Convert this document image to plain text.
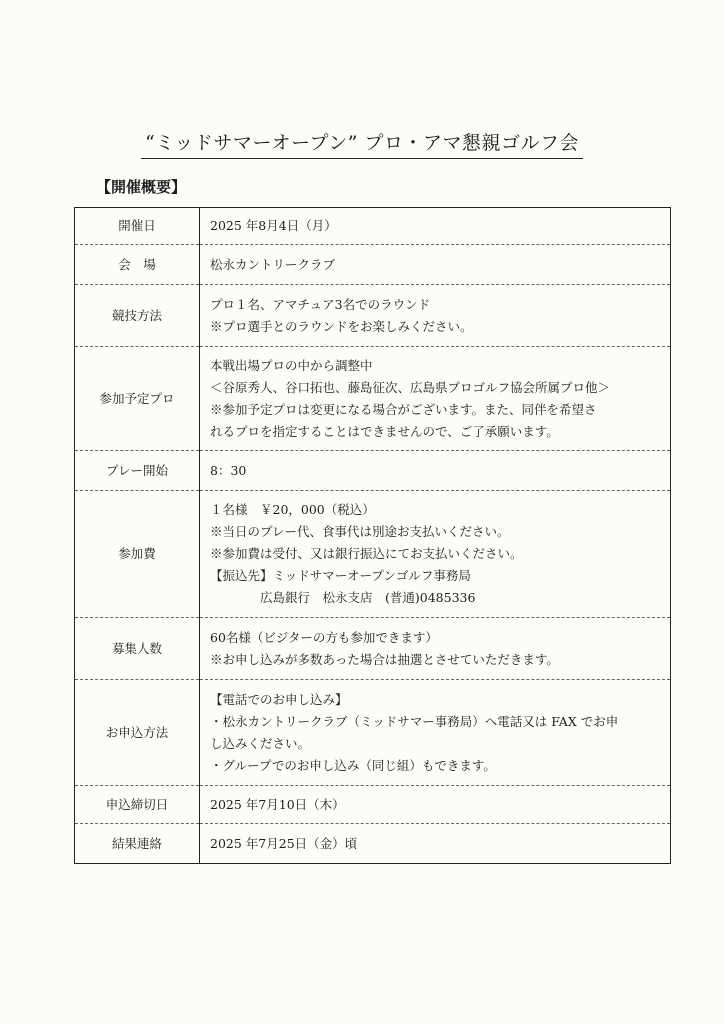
“ミッドサマーオープン” プロ・アマ懇親ゴルフ会
【開催概要】
開催日	2025 年8月4日（月）

会　場	松永カントリークラブ

競技方法	プロ１名、アマチュア3名でのラウンド
※プロ選手とのラウンドをお楽しみください。

参加予定プロ	本戦出場プロの中から調整中
＜谷原秀人、谷口拓也、藤島征次、広島県プロゴルフ協会所属プロ他＞
※参加予定プロは変更になる場合がございます。また、同伴を希望さ
れるプロを指定することはできませんので、ご了承願います。

プレー開始	8：30

参加費	１名様　￥20，000（税込）
※当日のプレー代、食事代は別途お支払いください。
※参加費は受付、又は銀行振込にてお支払いください。
【振込先】ミッドサマーオープンゴルフ事務局
広島銀行　松永支店　(普通)0485336

募集人数	60名様（ビジターの方も参加できます）
※お申し込みが多数あった場合は抽選とさせていただきます。

お申込方法	【電話でのお申し込み】
・松永カントリークラブ（ミッドサマー事務局）へ電話又は FAX でお申
し込みください。
・グループでのお申し込み（同じ組）もできます。

申込締切日	2025 年7月10日（木）

結果連絡	2025 年7月25日（金）頃
